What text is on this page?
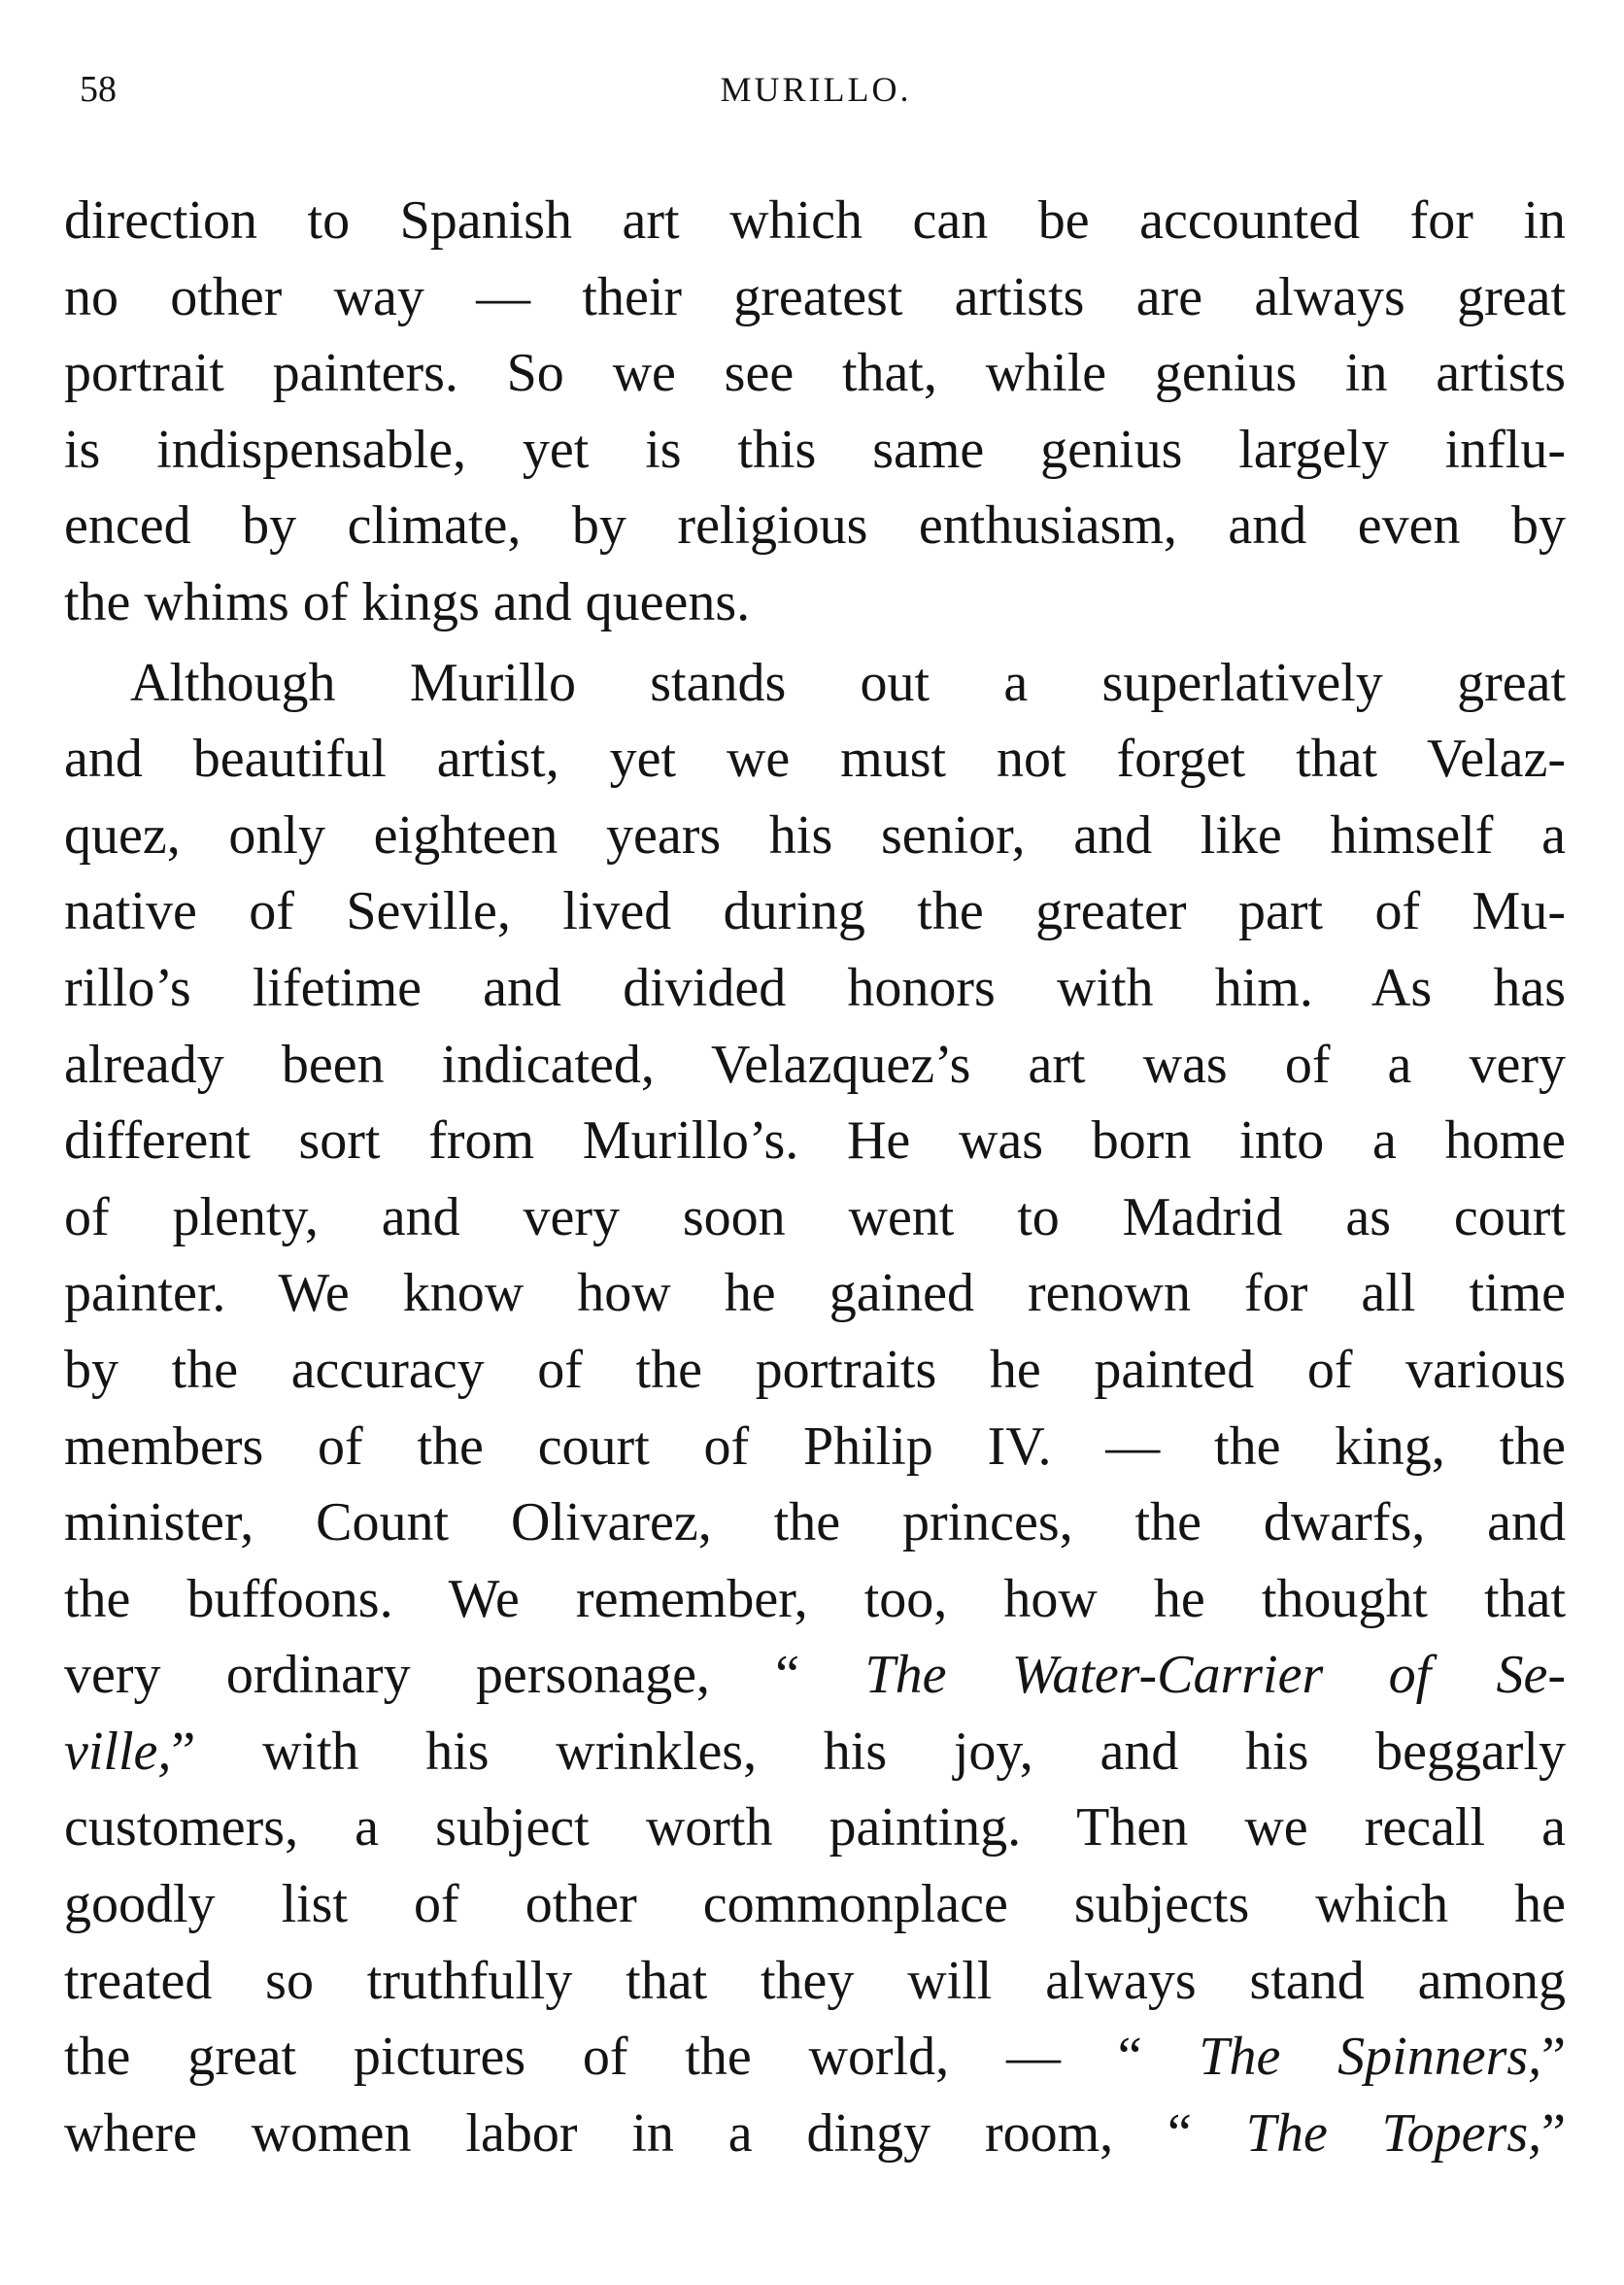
58	MURILLO.
direction to Spanish art which can be accounted for in
no other way — their greatest artists are always great
portrait painters. So we see that, while genius in artists
is indispensable, yet is this same genius largely influ-
enced by climate, by religious enthusiasm, and even by
the whims of kings and queens.
Although Murillo stands out a superlatively great
and beautiful artist, yet we must not forget that Velaz-
quez, only eighteen years his senior, and like himself a
native of Seville, lived during the greater part of Mu-
rillo’s lifetime and divided honors with him. As has
already been indicated, Velazquez’s art was of a very
different sort from Murillo’s. He was born into a home
of plenty, and very soon went to Madrid as court
painter. We know how he gained renown for all time
by the accuracy of the portraits he painted of various
members of the court of Philip IV. — the king, the
minister, Count Olivarez, the princes, the dwarfs, and
the buffoons. We remember, too, how he thought that
very ordinary personage, “ The Water-Carrier of Se-
ville,” with his wrinkles, his joy, and his beggarly
customers, a subject worth painting. Then we recall a
goodly list of other commonplace subjects which he
treated so truthfully that they will always stand among
the great pictures of the world, — “ The Spinners,”
where women labor in a dingy room, “ The Topers,”
